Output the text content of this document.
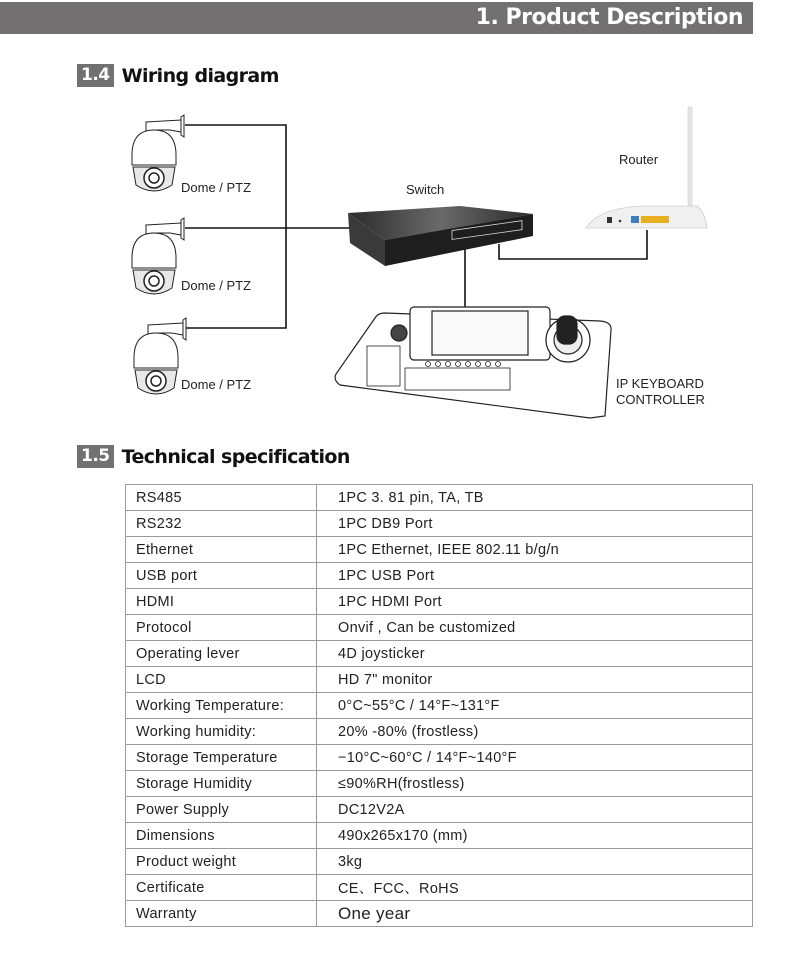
1. Product Description
1.4 Wiring diagram
Dome / PTZ
Dome / PTZ
Dome / PTZ
Switch
Router
IP KEYBOARD
CONTROLLER
1.5 Technical specification
RS485	1PC 3. 81 pin, TA, TB
RS232	1PC DB9 Port
Ethernet	1PC Ethernet, IEEE 802.11 b/g/n
USB port	1PC USB Port
HDMI	1PC HDMI Port
Protocol	Onvif , Can be customized
Operating lever	4D joysticker
LCD	HD 7" monitor
Working Temperature:	0°C~55°C / 14°F~131°F
Working humidity:	20% -80% (frostless)
Storage Temperature	−10°C~60°C / 14°F~140°F
Storage Humidity	≤90%RH(frostless)
Power Supply	DC12V2A
Dimensions	490x265x170 (mm)
Product weight	3kg
Certificate	CE、FCC、RoHS
Warranty	One year
